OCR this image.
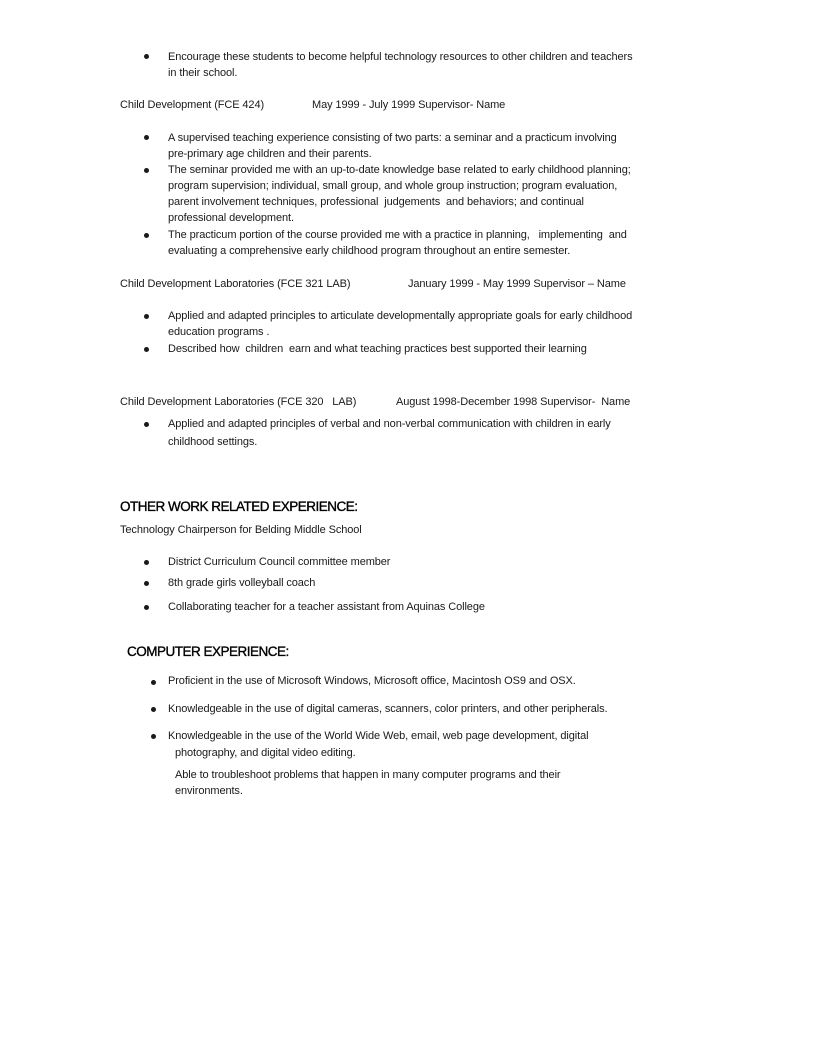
Encourage these students to become helpful technology resources to other children and teachers
in their school.
Child Development (FCE 424)	May 1999 - July 1999 Supervisor- Name
A supervised teaching experience consisting of two parts: a seminar and a practicum involving
pre-primary age children and their parents.
The seminar provided me with an up-to-date knowledge base related to early childhood planning;
program supervision; individual, small group, and whole group instruction; program evaluation,
parent involvement techniques, professional  judgements  and behaviors; and continual
professional development.
The practicum portion of the course provided me with a practice in planning,   implementing  and
evaluating a comprehensive early childhood program throughout an entire semester.
Child Development Laboratories (FCE 321 LAB)	January 1999 - May 1999 Supervisor – Name
Applied and adapted principles to articulate developmentally appropriate goals for early childhood
education programs .
Described how  children  earn and what teaching practices best supported their learning
Child Development Laboratories (FCE 320   LAB)	August 1998-December 1998 Supervisor-  Name
Applied and adapted principles of verbal and non-verbal communication with children in early
childhood settings.
OTHER WORK RELATED EXPERIENCE:
Technology Chairperson for Belding Middle School
District Curriculum Council committee member
8th grade girls volleyball coach
Collaborating teacher for a teacher assistant from Aquinas College
COMPUTER EXPERIENCE:
Proficient in the use of Microsoft Windows, Microsoft office, Macintosh OS9 and OSX.
Knowledgeable in the use of digital cameras, scanners, color printers, and other peripherals.
Knowledgeable in the use of the World Wide Web, email, web page development, digital
photography, and digital video editing.
Able to troubleshoot problems that happen in many computer programs and their
environments.
